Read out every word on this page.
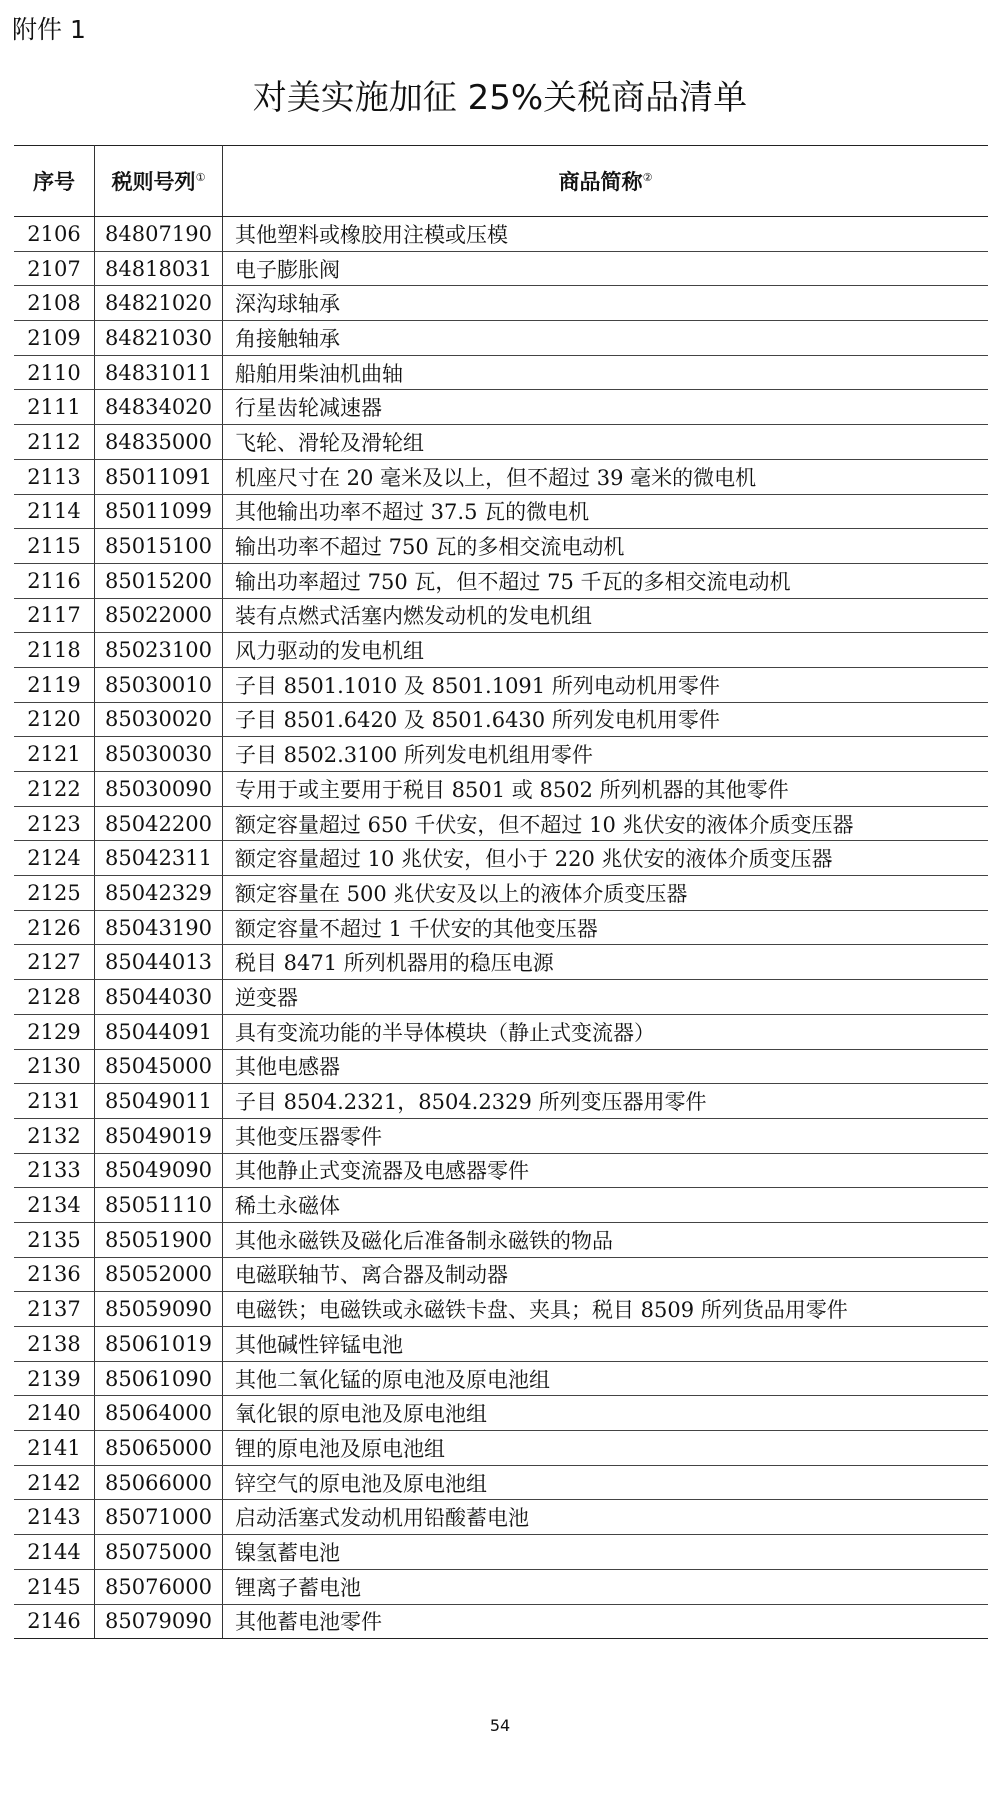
附件 1
对美实施加征 25%关税商品清单
序号	税则号列①	商品简称②
2106	84807190	其他塑料或橡胶用注模或压模
2107	84818031	电子膨胀阀
2108	84821020	深沟球轴承
2109	84821030	角接触轴承
2110	84831011	船舶用柴油机曲轴
2111	84834020	行星齿轮减速器
2112	84835000	飞轮、滑轮及滑轮组
2113	85011091	机座尺寸在 20 毫米及以上，但不超过 39 毫米的微电机
2114	85011099	其他输出功率不超过 37.5 瓦的微电机
2115	85015100	输出功率不超过 750 瓦的多相交流电动机
2116	85015200	输出功率超过 750 瓦，但不超过 75 千瓦的多相交流电动机
2117	85022000	装有点燃式活塞内燃发动机的发电机组
2118	85023100	风力驱动的发电机组
2119	85030010	子目 8501.1010 及 8501.1091 所列电动机用零件
2120	85030020	子目 8501.6420 及 8501.6430 所列发电机用零件
2121	85030030	子目 8502.3100 所列发电机组用零件
2122	85030090	专用于或主要用于税目 8501 或 8502 所列机器的其他零件
2123	85042200	额定容量超过 650 千伏安，但不超过 10 兆伏安的液体介质变压器
2124	85042311	额定容量超过 10 兆伏安，但小于 220 兆伏安的液体介质变压器
2125	85042329	额定容量在 500 兆伏安及以上的液体介质变压器
2126	85043190	额定容量不超过 1 千伏安的其他变压器
2127	85044013	税目 8471 所列机器用的稳压电源
2128	85044030	逆变器
2129	85044091	具有变流功能的半导体模块（静止式变流器）
2130	85045000	其他电感器
2131	85049011	子目 8504.2321，8504.2329 所列变压器用零件
2132	85049019	其他变压器零件
2133	85049090	其他静止式变流器及电感器零件
2134	85051110	稀土永磁体
2135	85051900	其他永磁铁及磁化后准备制永磁铁的物品
2136	85052000	电磁联轴节、离合器及制动器
2137	85059090	电磁铁；电磁铁或永磁铁卡盘、夹具；税目 8509 所列货品用零件
2138	85061019	其他碱性锌锰电池
2139	85061090	其他二氧化锰的原电池及原电池组
2140	85064000	氧化银的原电池及原电池组
2141	85065000	锂的原电池及原电池组
2142	85066000	锌空气的原电池及原电池组
2143	85071000	启动活塞式发动机用铅酸蓄电池
2144	85075000	镍氢蓄电池
2145	85076000	锂离子蓄电池
2146	85079090	其他蓄电池零件
54
